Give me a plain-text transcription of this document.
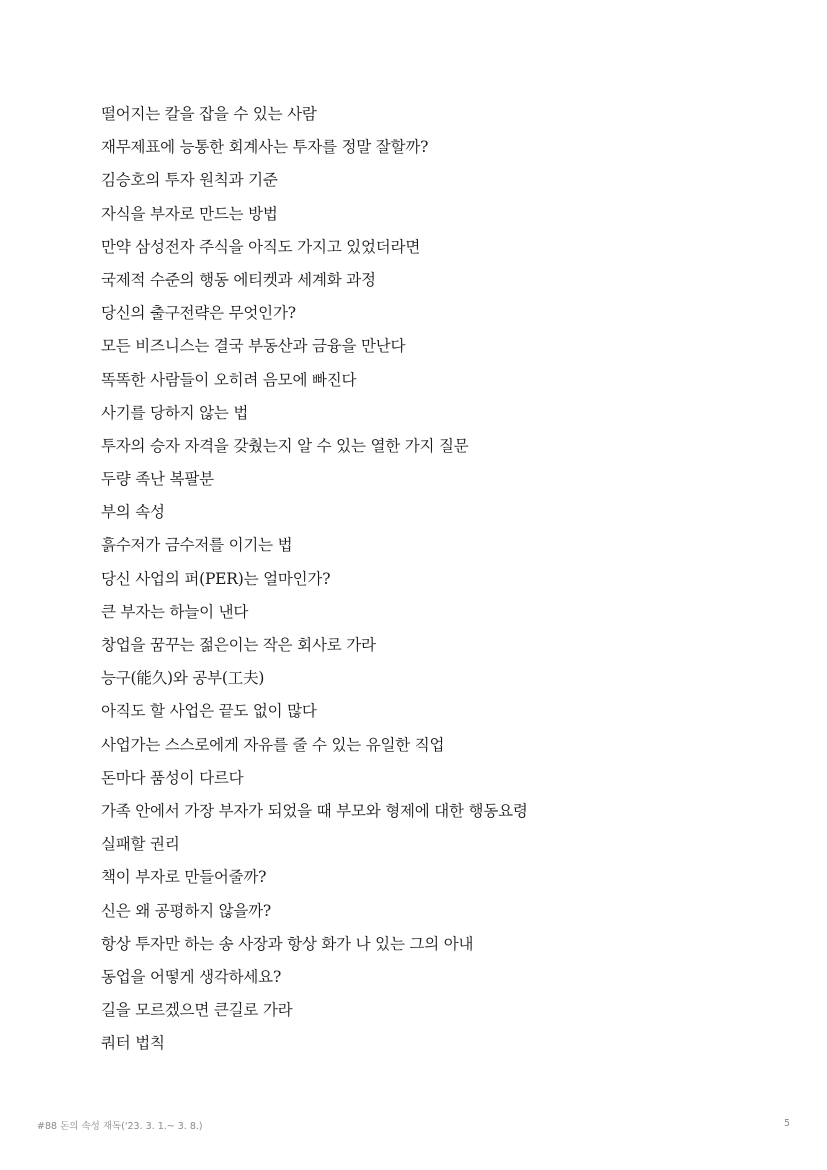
떨어지는 칼을 잡을 수 있는 사람
재무제표에 능통한 회계사는 투자를 정말 잘할까?
김승호의 투자 원칙과 기준
자식을 부자로 만드는 방법
만약 삼성전자 주식을 아직도 가지고 있었더라면
국제적 수준의 행동 에티켓과 세계화 과정
당신의 출구전략은 무엇인가?
모든 비즈니스는 결국 부동산과 금융을 만난다
똑똑한 사람들이 오히려 음모에 빠진다
사기를 당하지 않는 법
투자의 승자 자격을 갖췄는지 알 수 있는 열한 가지 질문
두량 족난 복팔분
부의 속성
흙수저가 금수저를 이기는 법
당신 사업의 퍼(PER)는 얼마인가?
큰 부자는 하늘이 낸다
창업을 꿈꾸는 젊은이는 작은 회사로 가라
능구(能久)와 공부(工夫)
아직도 할 사업은 끝도 없이 많다
사업가는 스스로에게 자유를 줄 수 있는 유일한 직업
돈마다 품성이 다르다
가족 안에서 가장 부자가 되었을 때 부모와 형제에 대한 행동요령
실패할 권리
책이 부자로 만들어줄까?
신은 왜 공평하지 않을까?
항상 투자만 하는 송 사장과 항상 화가 나 있는 그의 아내
동업을 어떻게 생각하세요?
길을 모르겠으면 큰길로 가라
쿼터 법칙
#88 돈의 속성 재독('23. 3. 1.~ 3. 8.)	5
